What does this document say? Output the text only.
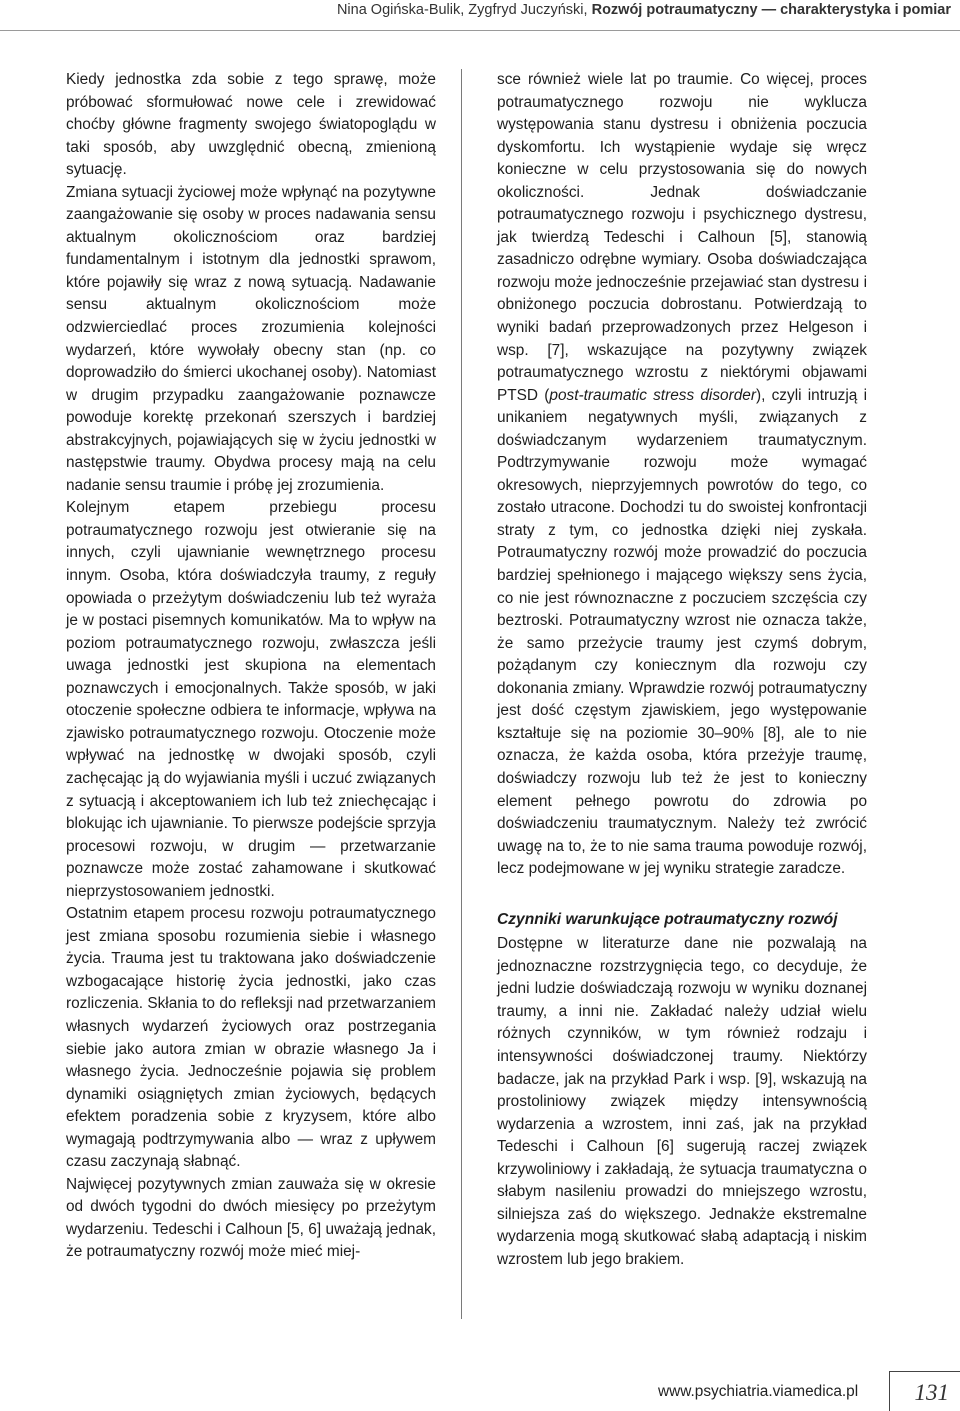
Nina Ogińska-Bulik, Zygfryd Juczyński, Rozwój potraumatyczny — charakterystyka i pomiar

Kiedy jednostka zda sobie z tego sprawę, może próbować sformułować nowe cele i zrewidować choćby główne fragmenty swojego światopoglądu w taki sposób, aby uwzględnić obecną, zmienioną sytuację.

Zmiana sytuacji życiowej może wpłynąć na pozytywne zaangażowanie się osoby w proces nadawania sensu aktualnym okolicznościom oraz bardziej fundamentalnym i istotnym dla jednostki sprawom, które pojawiły się wraz z nową sytuacją. Nadawanie sensu aktualnym okolicznościom może odzwierciedlać proces zrozumienia kolejności wydarzeń, które wywołały obecny stan (np. co doprowadziło do śmierci ukochanej osoby). Natomiast w drugim przypadku zaangażowanie poznawcze powoduje korektę przekonań szerszych i bardziej abstrakcyjnych, pojawiających się w życiu jednostki w następstwie traumy. Obydwa procesy mają na celu nadanie sensu traumie i próbę jej zrozumienia.

Kolejnym etapem przebiegu procesu potraumatycznego rozwoju jest otwieranie się na innych, czyli ujawnianie wewnętrznego procesu innym. Osoba, która doświadczyła traumy, z reguły opowiada o przeżytym doświadczeniu lub też wyraża je w postaci pisemnych komunikatów. Ma to wpływ na poziom potraumatycznego rozwoju, zwłaszcza jeśli uwaga jednostki jest skupiona na elementach poznawczych i emocjonalnych. Także sposób, w jaki otoczenie społeczne odbiera te informacje, wpływa na zjawisko potraumatycznego rozwoju. Otoczenie może wpływać na jednostkę w dwojaki sposób, czyli zachęcając ją do wyjawiania myśli i uczuć związanych z sytuacją i akceptowaniem ich lub też zniechęcając i blokując ich ujawnianie. To pierwsze podejście sprzyja procesowi rozwoju, w drugim — przetwarzanie poznawcze może zostać zahamowane i skutkować nieprzystosowaniem jednostki.

Ostatnim etapem procesu rozwoju potraumatycznego jest zmiana sposobu rozumienia siebie i własnego życia. Trauma jest tu traktowana jako doświadczenie wzbogacające historię życia jednostki, jako czas rozliczenia. Skłania to do refleksji nad przetwarzaniem własnych wydarzeń życiowych oraz postrzegania siebie jako autora zmian w obrazie własnego Ja i własnego życia. Jednocześnie pojawia się problem dynamiki osiągniętych zmian życiowych, będących efektem poradzenia sobie z kryzysem, które albo wymagają podtrzymywania albo — wraz z upływem czasu zaczynają słabnąć.

Najwięcej pozytywnych zmian zauważa się w okresie od dwóch tygodni do dwóch miesięcy po przeżytym wydarzeniu. Tedeschi i Calhoun [5, 6] uważają jednak, że potraumatyczny rozwój może mieć miej-

sce również wiele lat po traumie. Co więcej, proces potraumatycznego rozwoju nie wyklucza występowania stanu dystresu i obniżenia poczucia dyskomfortu. Ich wystąpienie wydaje się wręcz konieczne w celu przystosowania się do nowych okoliczności. Jednak doświadczanie potraumatycznego rozwoju i psychicznego dystresu, jak twierdzą Tedeschi i Calhoun [5], stanowią zasadniczo odrębne wymiary. Osoba doświadczająca rozwoju może jednocześnie przejawiać stan dystresu i obniżonego poczucia dobrostanu. Potwierdzają to wyniki badań przeprowadzonych przez Helgeson i wsp. [7], wskazujące na pozytywny związek potraumatycznego wzrostu z niektórymi objawami PTSD (post-traumatic stress disorder), czyli intruzją i unikaniem negatywnych myśli, związanych z doświadczanym wydarzeniem traumatycznym. Podtrzymywanie rozwoju może wymagać okresowych, nieprzyjemnych powrotów do tego, co zostało utracone. Dochodzi tu do swoistej konfrontacji straty z tym, co jednostka dzięki niej zyskała. Potraumatyczny rozwój może prowadzić do poczucia bardziej spełnionego i mającego większy sens życia, co nie jest równoznaczne z poczuciem szczęścia czy beztroski. Potraumatyczny wzrost nie oznacza także, że samo przeżycie traumy jest czymś dobrym, pożądanym czy koniecznym dla rozwoju czy dokonania zmiany. Wprawdzie rozwój potraumatyczny jest dość częstym zjawiskiem, jego występowanie kształtuje się na poziomie 30–90% [8], ale to nie oznacza, że każda osoba, która przeżyje traumę, doświadczy rozwoju lub też że jest to konieczny element pełnego powrotu do zdrowia po doświadczeniu traumatycznym. Należy też zwrócić uwagę na to, że to nie sama trauma powoduje rozwój, lecz podejmowane w jej wyniku strategie zaradcze.

Czynniki warunkujące potraumatyczny rozwój

Dostępne w literaturze dane nie pozwalają na jednoznaczne rozstrzygnięcia tego, co decyduje, że jedni ludzie doświadczają rozwoju w wyniku doznanej traumy, a inni nie. Zakładać należy udział wielu różnych czynników, w tym również rodzaju i intensywności doświadczonej traumy. Niektórzy badacze, jak na przykład Park i wsp. [9], wskazują na prostoliniowy związek między intensywnością wydarzenia a wzrostem, inni zaś, jak na przykład Tedeschi i Calhoun [6] sugerują raczej związek krzywoliniowy i zakładają, że sytuacja traumatyczna o słabym nasileniu prowadzi do mniejszego wzrostu, silniejsza zaś do większego. Jednakże ekstremalne wydarzenia mogą skutkować słabą adaptacją i niskim wzrostem lub jego brakiem.

www.psychiatria.viamedica.pl 131
